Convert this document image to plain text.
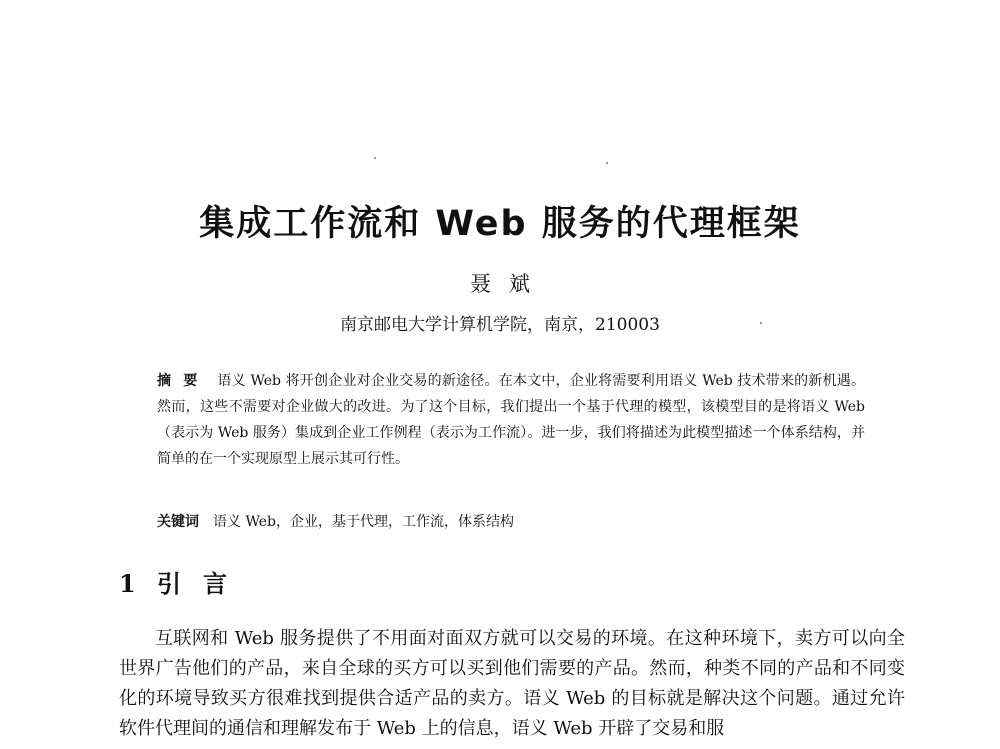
集成工作流和 Web 服务的代理框架
聂斌
南京邮电大学计算机学院，南京，210003
摘要 语义 Web 将开创企业对企业交易的新途径。在本文中，企业将需要利用语义 Web 技术带来的新机遇。然而，这些不需要对企业做大的改进。为了这个目标，我们提出一个基于代理的模型，该模型目的是将语义 Web（表示为 Web 服务）集成到企业工作例程（表示为工作流）。进一步，我们将描述为此模型描述一个体系结构，并简单的在一个实现原型上展示其可行性。
关键词 语义 Web，企业，基于代理，工作流，体系结构
1 引言

互联网和 Web 服务提供了不用面对面双方就可以交易的环境。在这种环境下，卖方可以向全世界广告他们的产品，来自全球的买方可以买到他们需要的产品。然而，种类不同的产品和不同变化的环境导致买方很难找到提供合适产品的卖方。语义 Web 的目标就是解决这个问题。通过允许软件代理间的通信和理解发布于 Web 上的信息，语义 Web 开辟了交易和服
